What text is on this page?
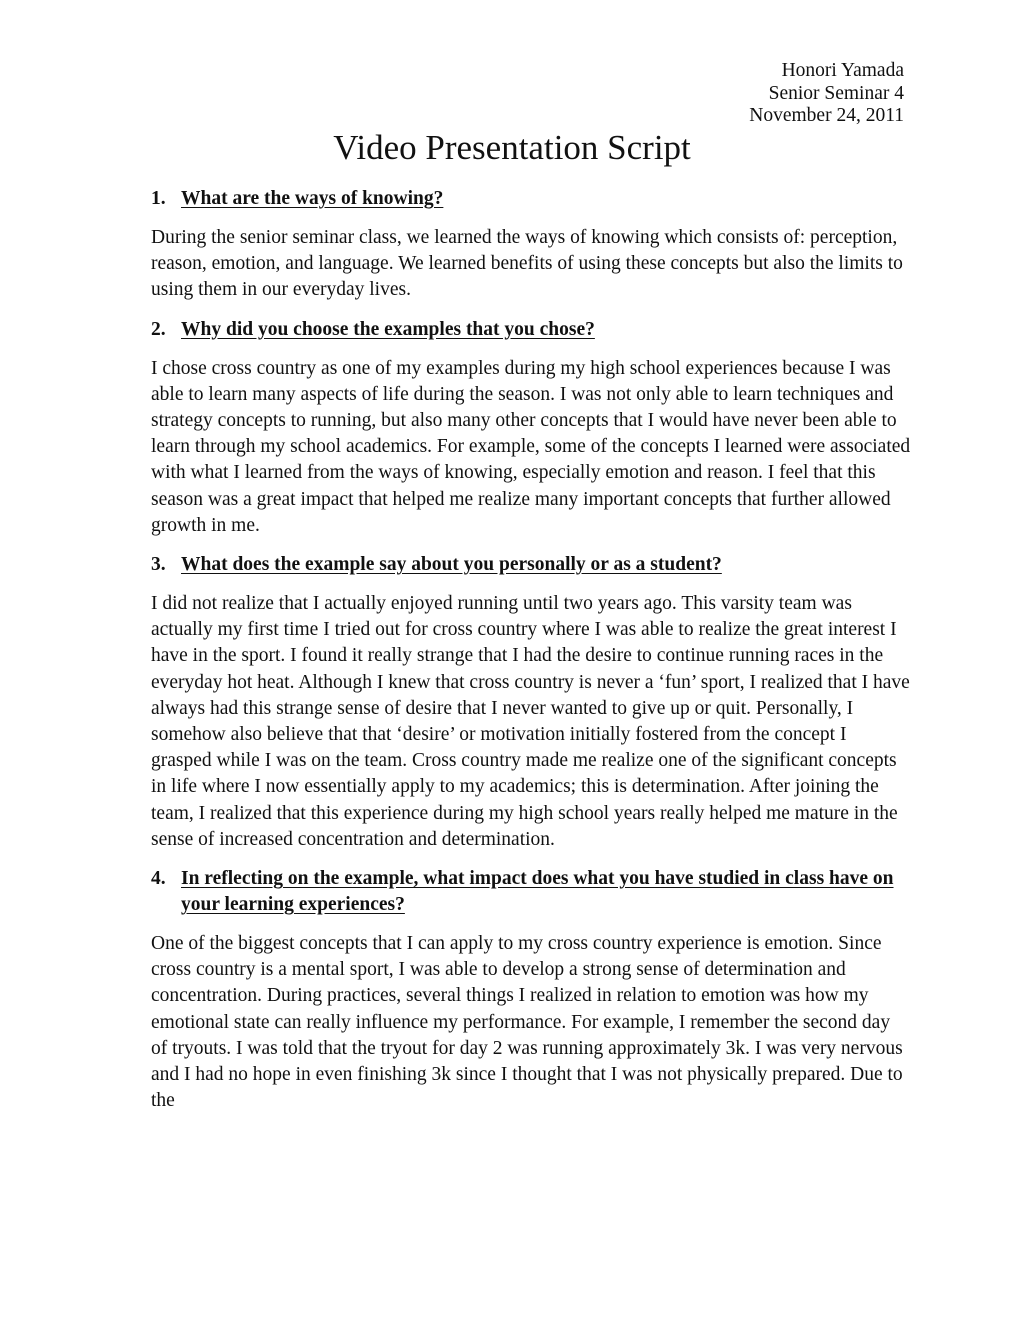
Honori Yamada
Senior Seminar 4
November 24, 2011
Video Presentation Script
1. What are the ways of knowing?

During the senior seminar class, we learned the ways of knowing which consists of: perception, reason, emotion, and language. We learned benefits of using these concepts but also the limits to using them in our everyday lives.

2. Why did you choose the examples that you chose?

I chose cross country as one of my examples during my high school experiences because I was able to learn many aspects of life during the season. I was not only able to learn techniques and strategy concepts to running, but also many other concepts that I would have never been able to learn through my school academics. For example, some of the concepts I learned were associated with what I learned from the ways of knowing, especially emotion and reason. I feel that this season was a great impact that helped me realize many important concepts that further allowed growth in me.

3. What does the example say about you personally or as a student?

I did not realize that I actually enjoyed running until two years ago. This varsity team was actually my first time I tried out for cross country where I was able to realize the great interest I have in the sport. I found it really strange that I had the desire to continue running races in the everyday hot heat. Although I knew that cross country is never a ‘fun’ sport, I realized that I have always had this strange sense of desire that I never wanted to give up or quit. Personally, I somehow also believe that that ‘desire’ or motivation initially fostered from the concept I grasped while I was on the team. Cross country made me realize one of the significant concepts in life where I now essentially apply to my academics; this is determination. After joining the team, I realized that this experience during my high school years really helped me mature in the sense of increased concentration and determination.

4. In reflecting on the example, what impact does what you have studied in class have on your learning experiences?

One of the biggest concepts that I can apply to my cross country experience is emotion. Since cross country is a mental sport, I was able to develop a strong sense of determination and concentration. During practices, several things I realized in relation to emotion was how my emotional state can really influence my performance. For example, I remember the second day of tryouts. I was told that the tryout for day 2 was running approximately 3k. I was very nervous and I had no hope in even finishing 3k since I thought that I was not physically prepared. Due to the
